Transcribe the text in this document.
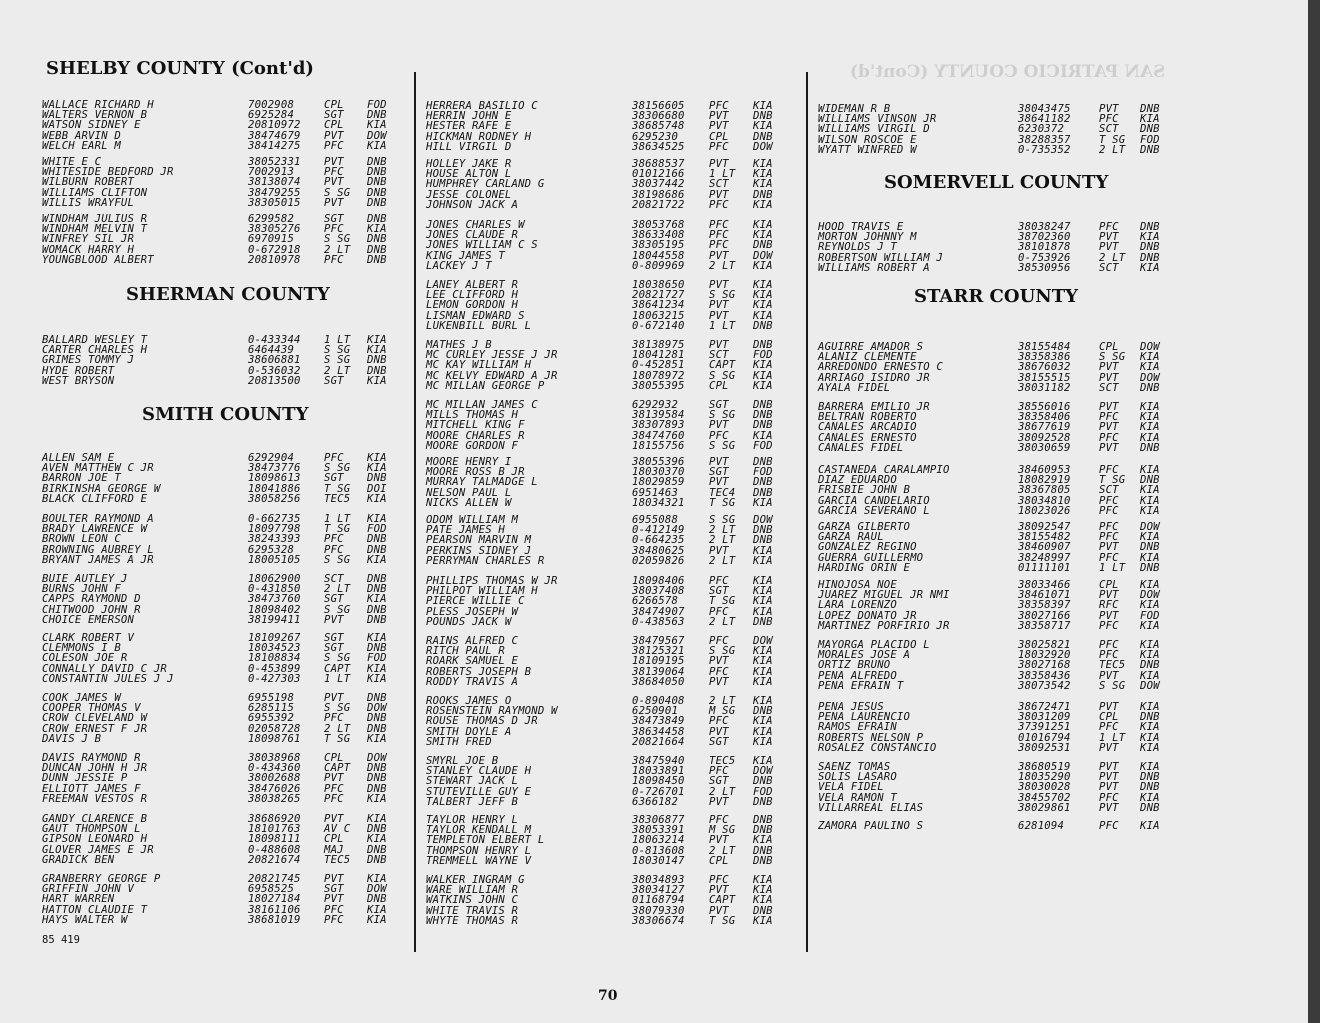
SAN PATRICIO COUNTY (Cont'd)
SHELBY COUNTY (Cont'd)
WALLACE RICHARD H	7002908	CPL FOD
WALTERS VERNON B	6925284	SGT DNB
WATSON SIDNEY E	20810972 CPL KIA
WEBB ARVIN D	38474679 PVT DOW
WELCH EARL M	38414275 PFC KIA
WHITE E C	38052331 PVT DNB
WHITESIDE BEDFORD JR	7002913	PFC DNB
WILBURN ROBERT	38138074 PVT DNB
WILLIAMS CLIFTON	38479255 S SG DNB
WILLIS WRAYFUL	38305015 PVT DNB
WINDHAM JULIUS R	6299582	SGT DNB
WINDHAM MELVIN T	38305276 PFC KIA
WINFREY SIL JR	6970915	S SG DNB
WOMACK HARRY H	0-672918 2 LT DNB
YOUNGBLOOD ALBERT	20810978 PFC DNB
SHERMAN COUNTY
BALLARD WESLEY T	0-433344 1 LT KIA
CARTER CHARLES H	6464439	S SG KIA
GRIMES TOMMY J	38606881 S SG DNB
HYDE ROBERT	0-536032 2 LT DNB
WEST BRYSON	20813500 SGT KIA
SMITH COUNTY
ALLEN SAM E	6292904	PFC KIA
AVEN MATTHEW C JR	38473776 S SG KIA
BARRON JOE T	18098613 SGT DNB
BIRKINSHA GEORGE W	18041886 T SG DOI
BLACK CLIFFORD E	38058256 TEC5 KIA
BOULTER RAYMOND A	0-662735 1 LT KIA
BRADY LAWRENCE W	18097798 T SG FOD
BROWN LEON C	38243393 PFC DNB
BROWNING AUBREY L	6295328	PFC DNB
BRYANT JAMES A JR	18005105 S SG KIA
BUIE AUTLEY J	18062900 SCT DNB
BURNS JOHN F	0-431850 2 LT DNB
CAPPS RAYMOND D	38473760 SGT KIA
CHITWOOD JOHN R	18098402 S SG DNB
CHOICE EMERSON	38199411 PVT DNB
CLARK ROBERT V	18109267 SGT KIA
CLEMMONS I B	18034523 SGT DNB
COLESON JOE R	18108834 S SG FOD
CONNALLY DAVID C JR	0-453899 CAPT KIA
CONSTANTIN JULES J J	0-427303 1 LT KIA
COOK JAMES W	6955198	PVT DNB
COOPER THOMAS V	6285115	S SG DOW
CROW CLEVELAND W	6955392	PFC DNB
CROW ERNEST F JR	02058728 2 LT DNB
DAVIS J B	18098761 T SG KIA
DAVIS RAYMOND R	38038968 CPL DOW
DUNCAN JOHN H JR	0-434360 CAPT DNB
DUNN JESSIE P	38002688 PVT DNB
ELLIOTT JAMES F	38476026 PFC DNB
FREEMAN VESTOS R	38038265 PFC KIA
GANDY CLARENCE B	38686920 PVT KIA
GAUT THOMPSON L	18101763 AV C DNB
GIPSON LEONARD H	18098111 CPL KIA
GLOVER JAMES E JR	0-488608 MAJ DNB
GRADICK BEN	20821674 TEC5 DNB
GRANBERRY GEORGE P	20821745 PVT KIA
GRIFFIN JOHN V	6958525	SGT DOW
HART WARREN	18027184 PVT DNB
HATTON CLAUDIE T	38161106 PFC KIA
HAYS WALTER W	38681019 PFC KIA
HERRERA BASILIO C	38156605 PFC KIA
HERRIN JOHN E	38306680 PVT DNB
HESTER RAFE E	38685748 PVT KIA
HICKMAN RODNEY H	6295230	CPL DNB
HILL VIRGIL D	38634525 PFC DOW
HOLLEY JAKE R	38688537 PVT KIA
HOUSE ALTON L	01012166 1 LT KIA
HUMPHREY CARLAND G	38037442 SCT KIA
JESSE COLONEL	38198686 PVT DNB
JOHNSON JACK A	20821722 PFC KIA
JONES CHARLES W	38053768 PFC KIA
JONES CLAUDE R	38633408 PFC KIA
JONES WILLIAM C S	38305195 PFC DNB
KING JAMES T	18044558 PVT DOW
LACKEY J T	0-809969 2 LT KIA
LANEY ALBERT R	18038650 PVT KIA
LEE CLIFFORD H	20821727 S SG KIA
LEMON GORDON H	38641234 PVT KIA
LISMAN EDWARD S	18063215 PVT KIA
LUKENBILL BURL L	0-672140 1 LT DNB
MATHES J B	38138975 PVT DNB
MC CURLEY JESSE J JR	18041281 SCT FOD
MC KAY WILLIAM H	0-452851 CAPT KIA
MC KELVY EDWARD A JR	18078972 S SG KIA
MC MILLAN GEORGE P	38055395 CPL KIA
MC MILLAN JAMES C	6292932	SGT DNB
MILLS THOMAS H	38139584 S SG DNB
MITCHELL KING F	38307893 PVT DNB
MOORE CHARLES R	38474760 PFC KIA
MOORE GORDON F	18155756 S SG FOD
MOORE HENRY I	38055396 PVT DNB
MOORE ROSS B JR	18030370 SGT FOD
MURRAY TALMADGE L	18029859 PVT DNB
NELSON PAUL L	6951463	TEC4 DNB
NICKS ALLEN W	18034321 T SG KIA
ODOM WILLIAM M	6955088	S SG DOW
PATE JAMES H	0-412149 2 LT DNB
PEARSON MARVIN M	0-664235 2 LT DNB
PERKINS SIDNEY J	38480625 PVT KIA
PERRYMAN CHARLES R	02059826 2 LT KIA
PHILLIPS THOMAS W JR	18098406 PFC KIA
PHILPOT WILLIAM H	38037408 SGT KIA
PIERCE WILLIE C	6266578	T SG KIA
PLESS JOSEPH W	38474907 PFC KIA
POUNDS JACK W	0-438563 2 LT DNB
RAINS ALFRED C	38479567 PFC DOW
RITCH PAUL R	38125321 S SG KIA
ROARK SAMUEL E	18109195 PVT KIA
ROBERTS JOSEPH B	38139064 PFC KIA
RODDY TRAVIS A	38684050 PVT KIA
ROOKS JAMES O	0-890408 2 LT KIA
ROSENSTEIN RAYMOND W	6250901	M SG DNB
ROUSE THOMAS D JR	38473849 PFC KIA
SMITH DOYLE A	38634458 PVT KIA
SMITH FRED	20821664 SGT KIA
SMYRL JOE B	38475940 TEC5 KIA
STANLEY CLAUDE H	18033891 PFC DOW
STEWART JACK L	18098450 SGT DNB
STUTEVILLE GUY E	0-726701 2 LT FOD
TALBERT JEFF B	6366182	PVT DNB
TAYLOR HENRY L	38306877 PFC DNB
TAYLOR KENDALL M	38053391 M SG DNB
TEMPLETON ELBERT L	18063214 PVT KIA
THOMPSON HENRY L	0-813608 2 LT DNB
TREMMELL WAYNE V	18030147 CPL DNB
WALKER INGRAM G	38034893 PFC KIA
WARE WILLIAM R	38034127 PVT KIA
WATKINS JOHN C	01168794 CAPT KIA
WHITE TRAVIS R	38079330 PVT DNB
WHYTE THOMAS R	38306674 T SG KIA
WIDEMAN R B	38043475	PVT DNB
WILLIAMS VINSON JR	38641182	PFC KIA
WILLIAMS VIRGIL D	6230372	SCT DNB
WILSON ROSCOE E	38288357	T SG FOD
WYATT WINFRED W	0-735352	2 LT DNB
SOMERVELL COUNTY
HOOD TRAVIS E	38038247	PFC DNB
MORTON JOHNNY M	38702360	PVT KIA
REYNOLDS J T	38101878	PVT DNB
ROBERTSON WILLIAM J	0-753926	2 LT DNB
WILLIAMS ROBERT A	38530956	SCT KIA
STARR COUNTY
AGUIRRE AMADOR S	38155484	CPL DOW
ALANIZ CLEMENTE	38358386	S SG KIA
ARREDONDO ERNESTO C	38676032	PVT KIA
ARRIAGO ISIDRO JR	38155515	PVT DOW
AYALA FIDEL	38031182	SCT DNB
BARRERA EMILIO JR	38556016	PVT KIA
BELTRAN ROBERTO	38358406	PFC KIA
CANALES ARCADIO	38677619	PVT KIA
CANALES ERNESTO	38092528	PFC KIA
CANALES FIDEL	38030659	PVT DNB
CASTANEDA CARALAMPIO	38460953	PFC KIA
DIAZ EDUARDO	18082919	T SG DNB
FRISBIE JOHN B	38367805	SCT KIA
GARCIA CANDELARIO	38034810	PFC KIA
GARCIA SEVERANO L	18023026	PFC KIA
GARZA GILBERTO	38092547	PFC DOW
GARZA RAUL	38155482	PFC KIA
GONZALEZ REGINO	38460907	PVT DNB
GUERRA GUILLERMO	38248997	PFC KIA
HARDING ORIN E	01111101	1 LT DNB
HINOJOSA NOE	38033466	CPL KIA
JUAREZ MIGUEL JR NMI	38461071	PVT DOW
LARA LORENZO	38358397	RFC KIA
LOPEZ DONATO JR	38027166	PVT FOD
MARTINEZ PORFIRIO JR	38358717	PFC KIA
MAYORGA PLACIDO L	38025821	PFC KIA
MORALES JOSE A	18032920	PFC KIA
ORTIZ BRUNO	38027168	TEC5 DNB
PENA ALFREDO	38358436	PVT KIA
PENA EFRAIN T	38073542	S SG DOW
PENA JESUS	38672471	PVT KIA
PENA LAURENCIO	38031209	CPL DNB
RAMOS EFRAIN	37391251	PFC KIA
ROBERTS NELSON P	01016794	1 LT KIA
ROSALEZ CONSTANCIO	38092531	PVT KIA
SAENZ TOMAS	38680519	PVT KIA
SOLIS LASARO	18035290	PVT DNB
VELA FIDEL	38030028	PVT DNB
VELA RAMON T	38455702	PFC KIA
VILLARREAL ELIAS	38029861	PVT DNB
ZAMORA PAULINO S	6281094	PFC KIA
85 419
70
